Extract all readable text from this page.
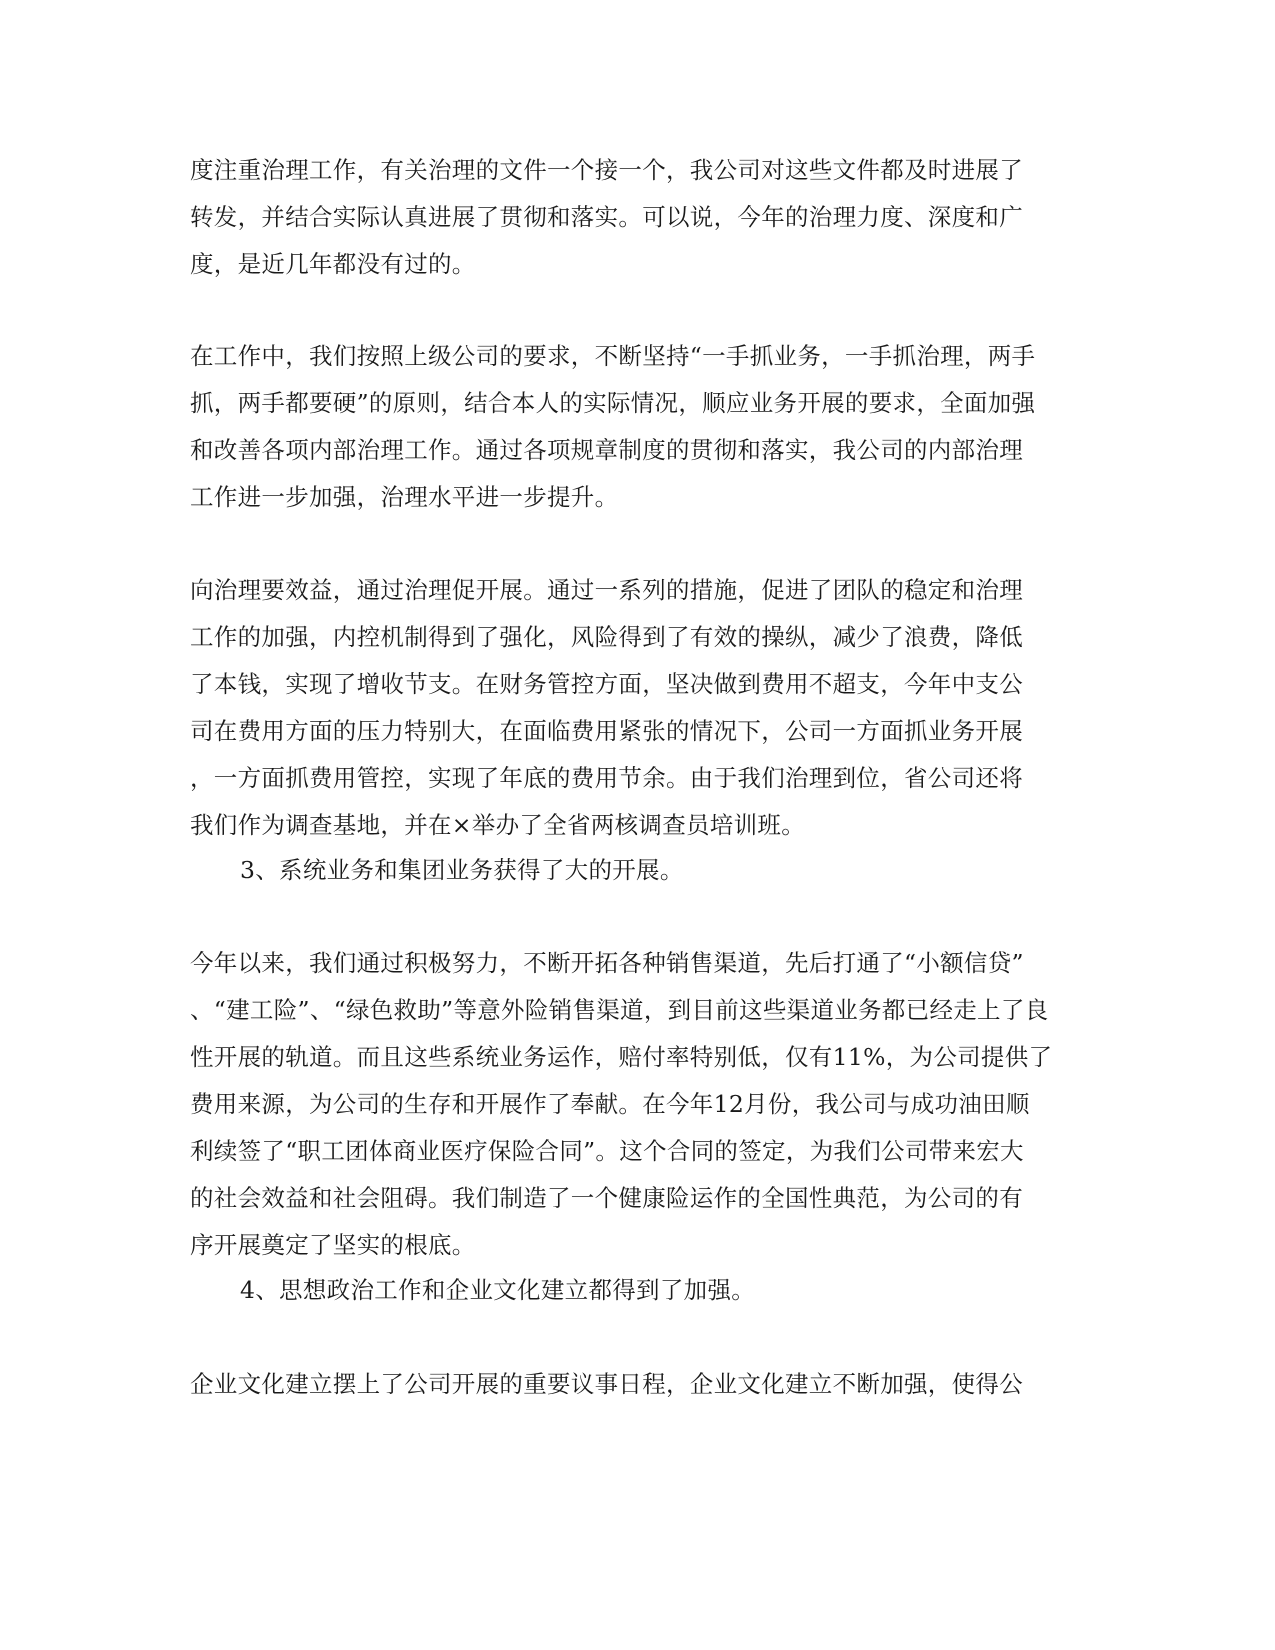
度注重治理工作，有关治理的文件一个接一个，我公司对这些文件都及时进展了
转发，并结合实际认真进展了贯彻和落实。可以说，今年的治理力度、深度和广
度，是近几年都没有过的。
在工作中，我们按照上级公司的要求，不断坚持“一手抓业务，一手抓治理，两手
抓，两手都要硬”的原则，结合本人的实际情况，顺应业务开展的要求，全面加强
和改善各项内部治理工作。通过各项规章制度的贯彻和落实，我公司的内部治理
工作进一步加强，治理水平进一步提升。
向治理要效益，通过治理促开展。通过一系列的措施，促进了团队的稳定和治理
工作的加强，内控机制得到了强化，风险得到了有效的操纵，减少了浪费，降低
了本钱，实现了增收节支。在财务管控方面，坚决做到费用不超支，今年中支公
司在费用方面的压力特别大，在面临费用紧张的情况下，公司一方面抓业务开展
，一方面抓费用管控，实现了年底的费用节余。由于我们治理到位，省公司还将
我们作为调查基地，并在×举办了全省两核调查员培训班。
3、系统业务和集团业务获得了大的开展。
今年以来，我们通过积极努力，不断开拓各种销售渠道，先后打通了“小额信贷”
、“建工险”、“绿色救助”等意外险销售渠道，到目前这些渠道业务都已经走上了良
性开展的轨道。而且这些系统业务运作，赔付率特别低，仅有11%，为公司提供了
费用来源，为公司的生存和开展作了奉献。在今年12月份，我公司与成功油田顺
利续签了“职工团体商业医疗保险合同”。这个合同的签定，为我们公司带来宏大
的社会效益和社会阻碍。我们制造了一个健康险运作的全国性典范，为公司的有
序开展奠定了坚实的根底。
4、思想政治工作和企业文化建立都得到了加强。
企业文化建立摆上了公司开展的重要议事日程，企业文化建立不断加强，使得公
